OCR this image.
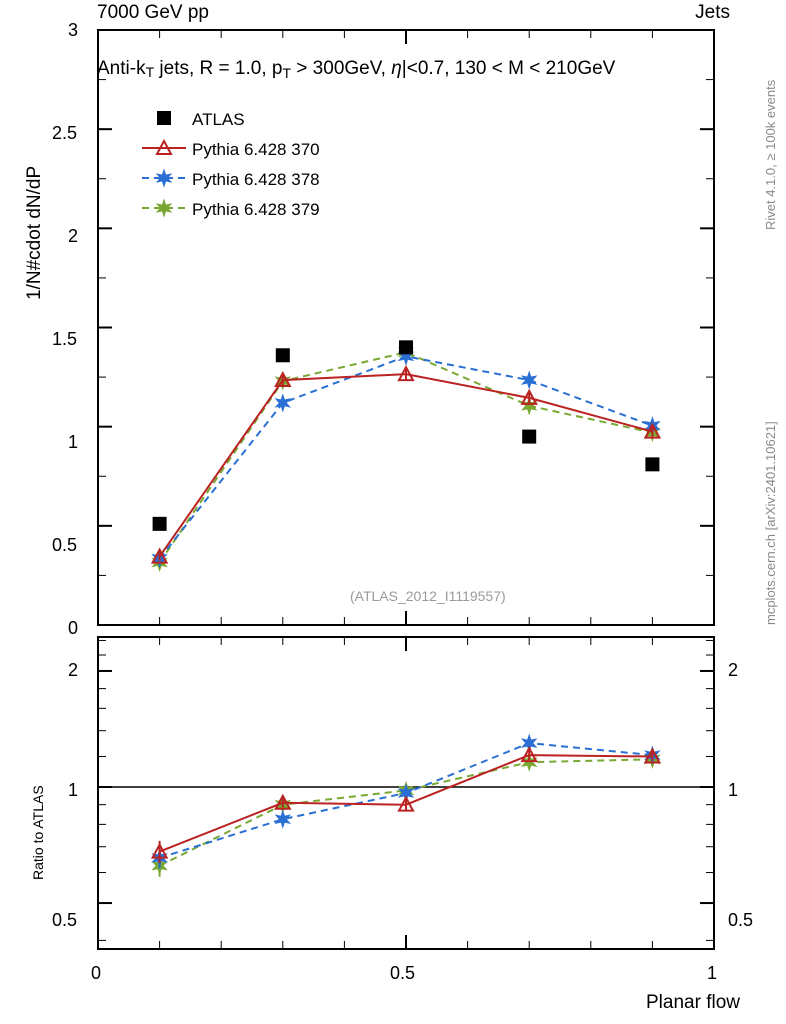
7000 GeV pp	Jets
Anti-kT jets, R = 1.0, $p_T > 300GeV$, η|<0.7, 130 < M < 210GeV
(ATLAS_2012_I1119557)
1/N#cdot dN/dP
Ratio to ATLAS
Planar flow
Rivet 4.1.0, ≥ 100k events
mcplots.cern.ch [arXiv:2401.10621]
ATLAS
Pythia 6.428 370
Pythia 6.428 378
Pythia 6.428 379
3
2.5
2
1.5
1
0.5
0
2
1
0.5
2
1
0.5
0	0.5	1
